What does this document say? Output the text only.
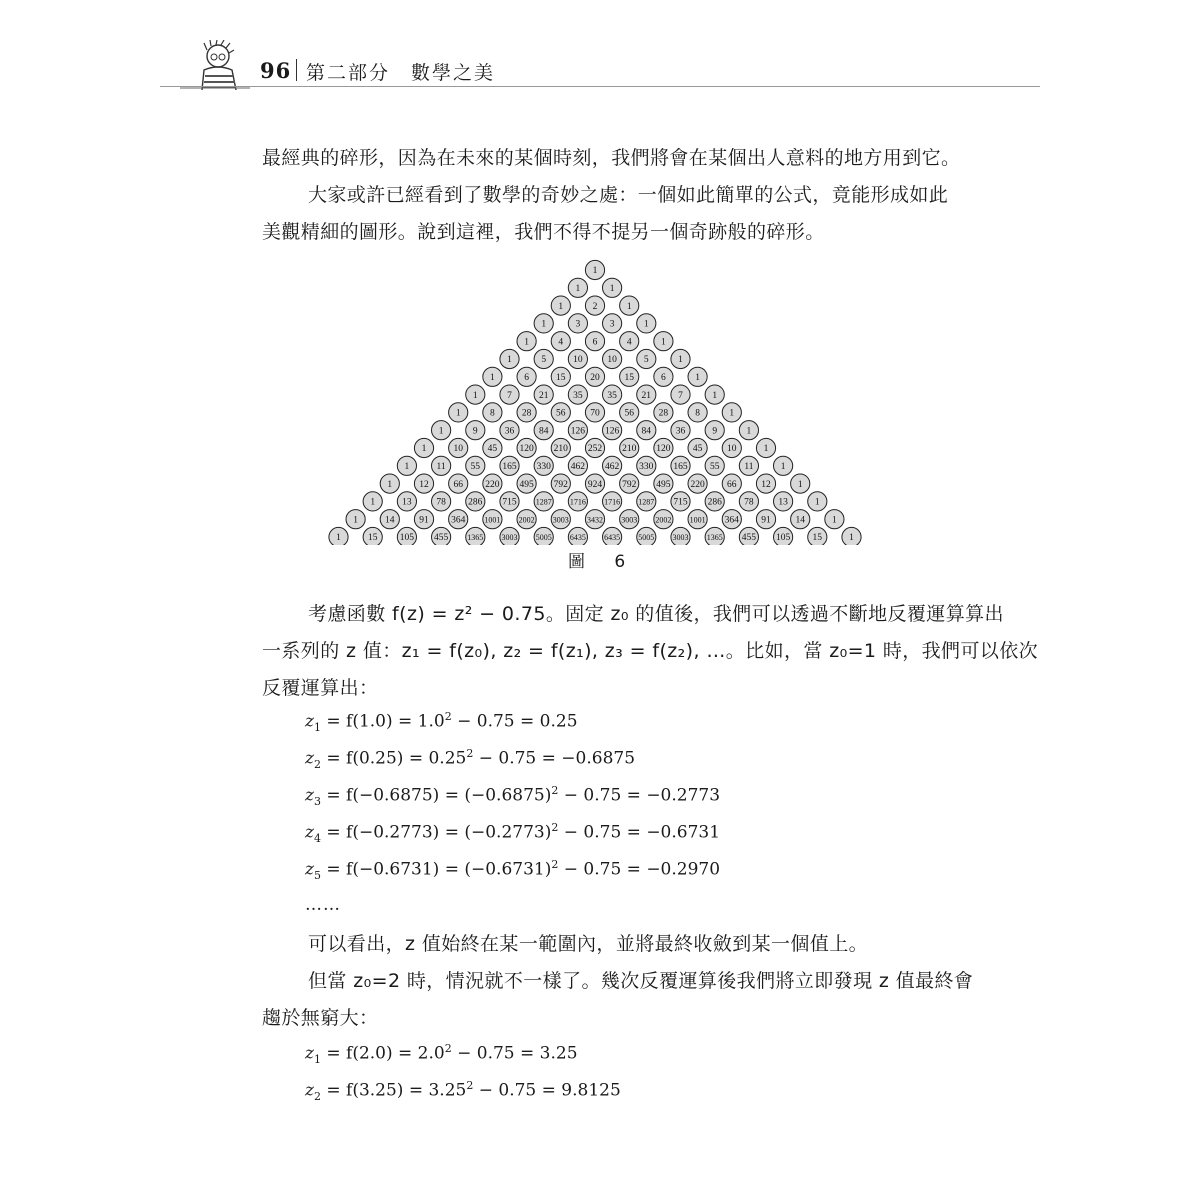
96 第二部分　數學之美
最經典的碎形，因為在未來的某個時刻，我們將會在某個出人意料的地方用到它。
大家或許已經看到了數學的奇妙之處：一個如此簡單的公式，竟能形成如此
美觀精細的圖形。說到這裡，我們不得不提另一個奇跡般的碎形。
1
1	1
1	2	1
1	3	3	1
1	4	6	4	1
1	5	10	10	5	1
1	6	15	20	15	6	1
1	7	21	35	35	21	7	1
1	8	28	56	70	56	28	8	1
1	9	36	84 126 126 84	36	9	1
1	10	45 120 210 252 210 120 45	10	1
1	11	55 165 330 462 462 330 165 55	11	1
1	12	66 220 495 792 924 792 495 220 66	12	1
1	13	78 286 715 1287 1716 1716 1287 715 286 78	13	1
1	14	91 364 1001 2002 3003 3432 3003 2002 1001 364 91	14	1
1	15 105 455 1365 3003 5005 6435 6435 5005 3003 1365 455 105 15	1
圖 6
考慮函數 f(z) = z² − 0.75。固定 z₀ 的值後，我們可以透過不斷地反覆運算算出
一系列的 z 值：z₁ = f(z₀), z₂ = f(z₁), z₃ = f(z₂), …。比如，當 z₀=1 時，我們可以依次
反覆運算出：
$z_1 = f(1.0) = 1.0^2 - 0.75 = 0.25$
$z_2 = f(0.25) = 0.25^2 - 0.75 = -0.6875$
$z_3 = f(-0.6875) = (-0.6875)^2 - 0.75 = -0.2773$
$z_4 = f(-0.2773) = (-0.2773)^2 - 0.75 = -0.6731$
$z_5 = f(-0.6731) = (-0.6731)^2 - 0.75 = -0.2970$
……
可以看出，z 值始終在某一範圍內，並將最終收斂到某一個值上。
但當 z₀=2 時，情況就不一樣了。幾次反覆運算後我們將立即發現 z 值最終會
趨於無窮大：
$z_1 = f(2.0) = 2.0^2 - 0.75 = 3.25$
$z_2 = f(3.25) = 3.25^2 - 0.75 = 9.8125$
